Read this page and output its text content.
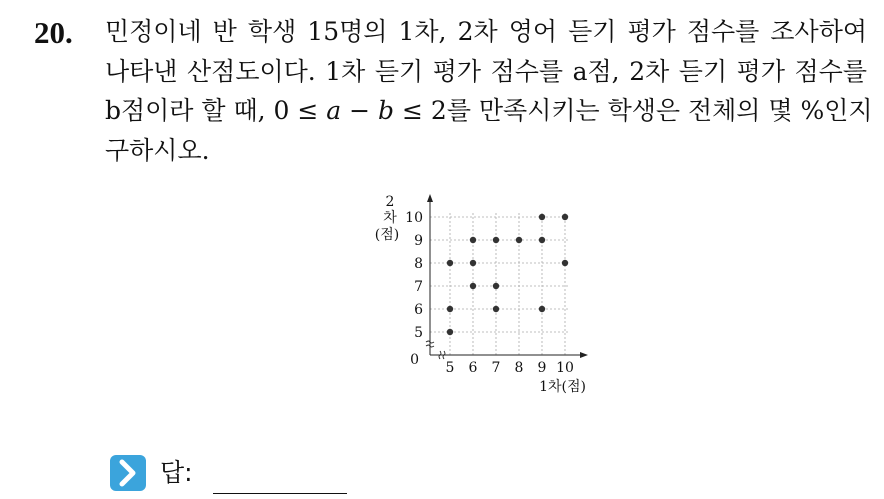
20. 민정이네 반 학생 15명의 1차, 2차 영어 듣기 평가 점수를 조사하여
나타낸 산점도이다. 1차 듣기 평가 점수를 a점, 2차 듣기 평가 점수를
b점이라 할 때, 0 ≤ a − b ≤ 2를 만족시키는 학생은 전체의 몇 %인지
구하시오.
5 6 7 8 9 10
5
6
7
8
9
10
0
2
차
(점)
1차(점)
답:
